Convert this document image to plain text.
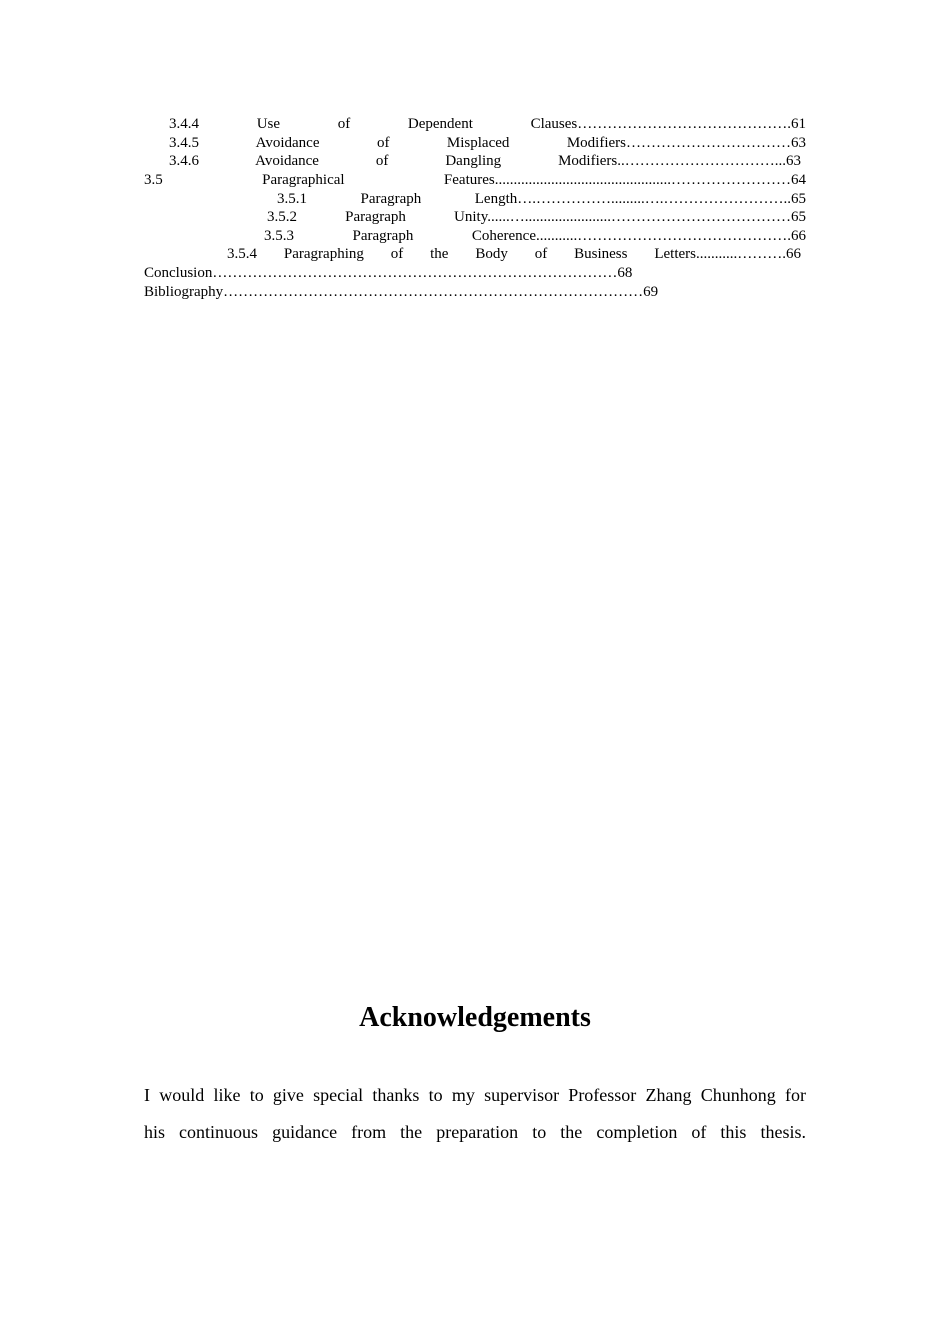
3.4.4 Use of Dependent Clauses…………………………………….61
3.4.5 Avoidance of Misplaced Modifiers……………………………63
3.4.6 Avoidance of Dangling Modifiers..…………………………...63
3.5 Paragraphical Features...............................................……………………64
3.5.1 Paragraph Length….…………….........….……………………..65
3.5.2 Paragraph Unity......….......................………………………………65
3.5.3 Paragraph Coherence...........…………………………………….66
3.5.4 Paragraphing of the Body of Business Letters...........……….66
Conclusion………………………………………………………………………68
Bibliography…………………………………………………………………………69
Acknowledgements
I would like to give special thanks to my supervisor Professor Zhang Chunhong for
his continuous guidance from the preparation to the completion of this thesis.
